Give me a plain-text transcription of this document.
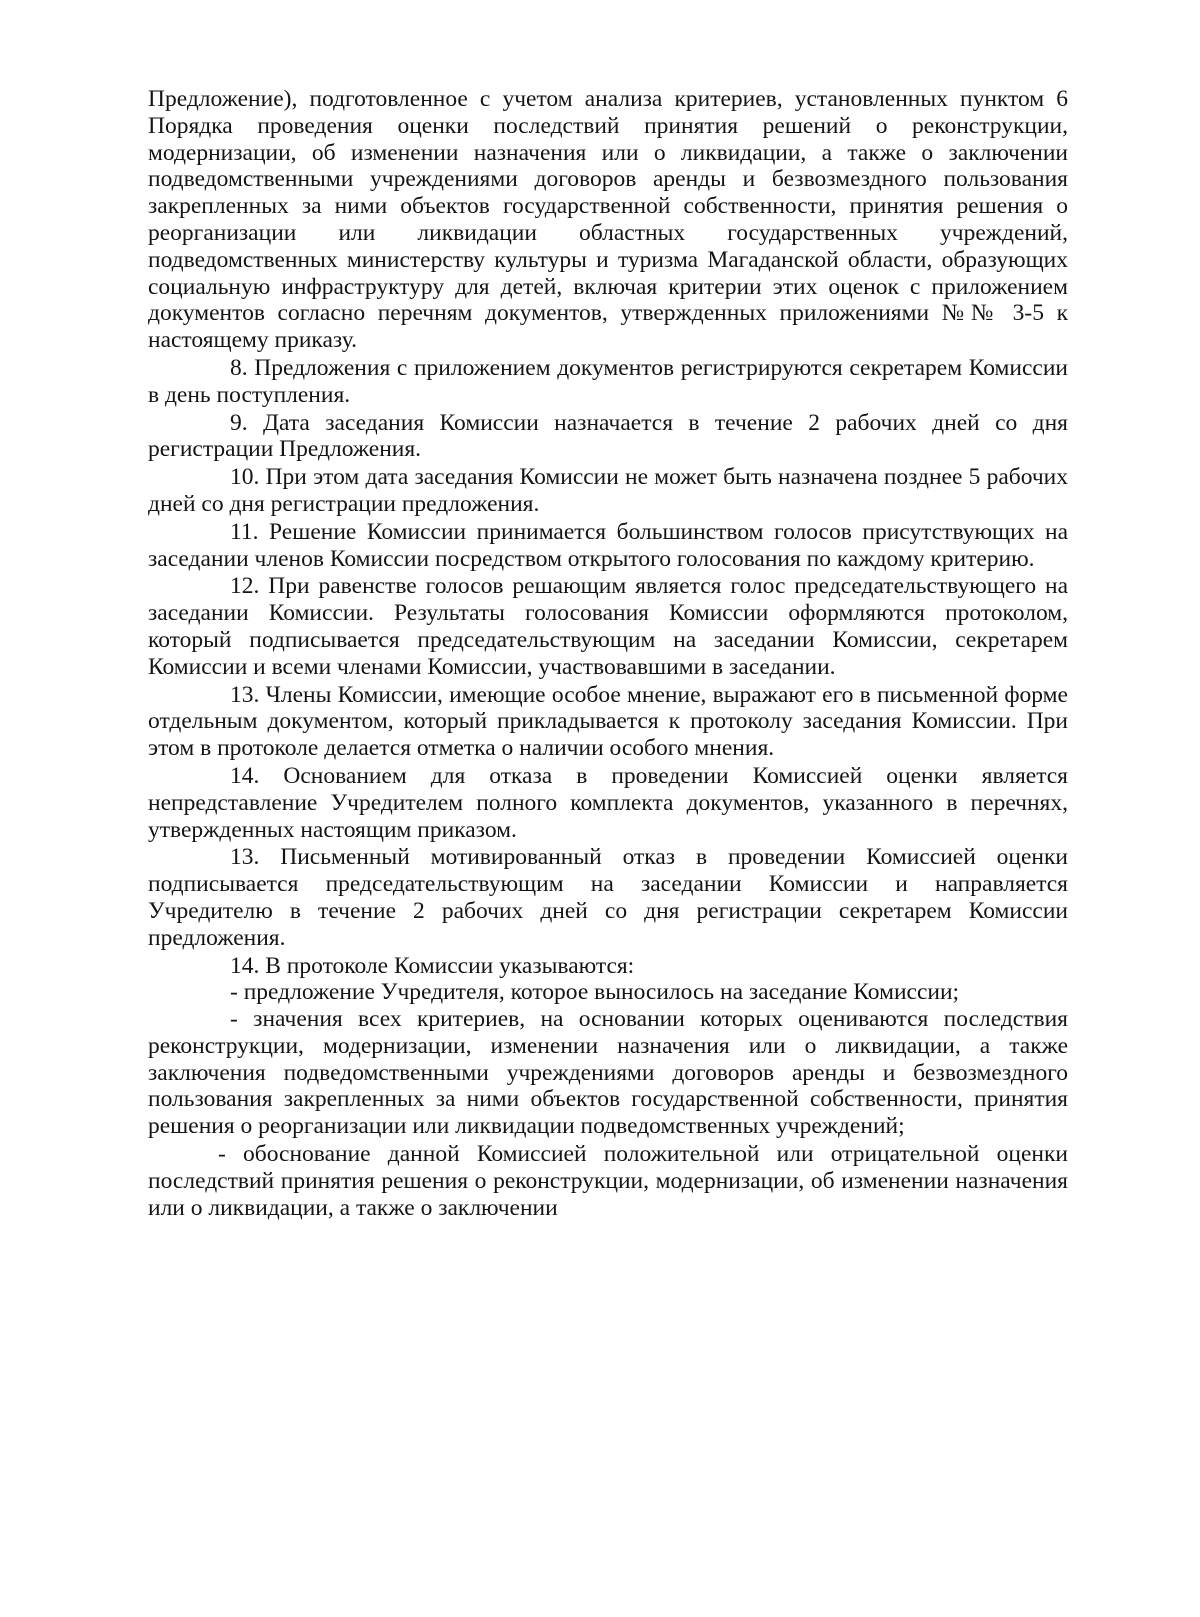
Предложение), подготовленное с учетом анализа критериев, установленных пунктом 6 Порядка проведения оценки последствий принятия решений о реконструкции, модернизации, об изменении назначения или о ликвидации, а также о заключении подведомственными учреждениями договоров аренды и безвозмездного пользования закрепленных за ними объектов государственной собственности, принятия решения о реорганизации или ликвидации областных государственных учреждений, подведомственных министерству культуры и туризма Магаданской области, образующих социальную инфраструктуру для детей, включая критерии этих оценок с приложением документов согласно перечням документов, утвержденных приложениями №№ 3-5 к настоящему приказу.

8. Предложения с приложением документов регистрируются секретарем Комиссии в день поступления.

9. Дата заседания Комиссии назначается в течение 2 рабочих дней со дня регистрации Предложения.

10. При этом дата заседания Комиссии не может быть назначена позднее 5 рабочих дней со дня регистрации предложения.

11. Решение Комиссии принимается большинством голосов присутствующих на заседании членов Комиссии посредством открытого голосования по каждому критерию.

12. При равенстве голосов решающим является голос председательствующего на заседании Комиссии. Результаты голосования Комиссии оформляются протоколом, который подписывается председательствующим на заседании Комиссии, секретарем Комиссии и всеми членами Комиссии, участвовавшими в заседании.

13. Члены Комиссии, имеющие особое мнение, выражают его в письменной форме отдельным документом, который прикладывается к протоколу заседания Комиссии. При этом в протоколе делается отметка о наличии особого мнения.

14. Основанием для отказа в проведении Комиссией оценки является непредставление Учредителем полного комплекта документов, указанного в перечнях, утвержденных настоящим приказом.

13. Письменный мотивированный отказ в проведении Комиссией оценки подписывается председательствующим на заседании Комиссии и направляется Учредителю в течение 2 рабочих дней со дня регистрации секретарем Комиссии предложения.

14. В протоколе Комиссии указываются:

- предложение Учредителя, которое выносилось на заседание Комиссии;

- значения всех критериев, на основании которых оцениваются последствия реконструкции, модернизации, изменении назначения или о ликвидации, а также заключения подведомственными учреждениями договоров аренды и безвозмездного пользования закрепленных за ними объектов государственной собственности, принятия решения о реорганизации или ликвидации подведомственных учреждений;

- обоснование данной Комиссией положительной или отрицательной оценки последствий принятия решения о реконструкции, модернизации, об изменении назначения или о ликвидации, а также о заключении
